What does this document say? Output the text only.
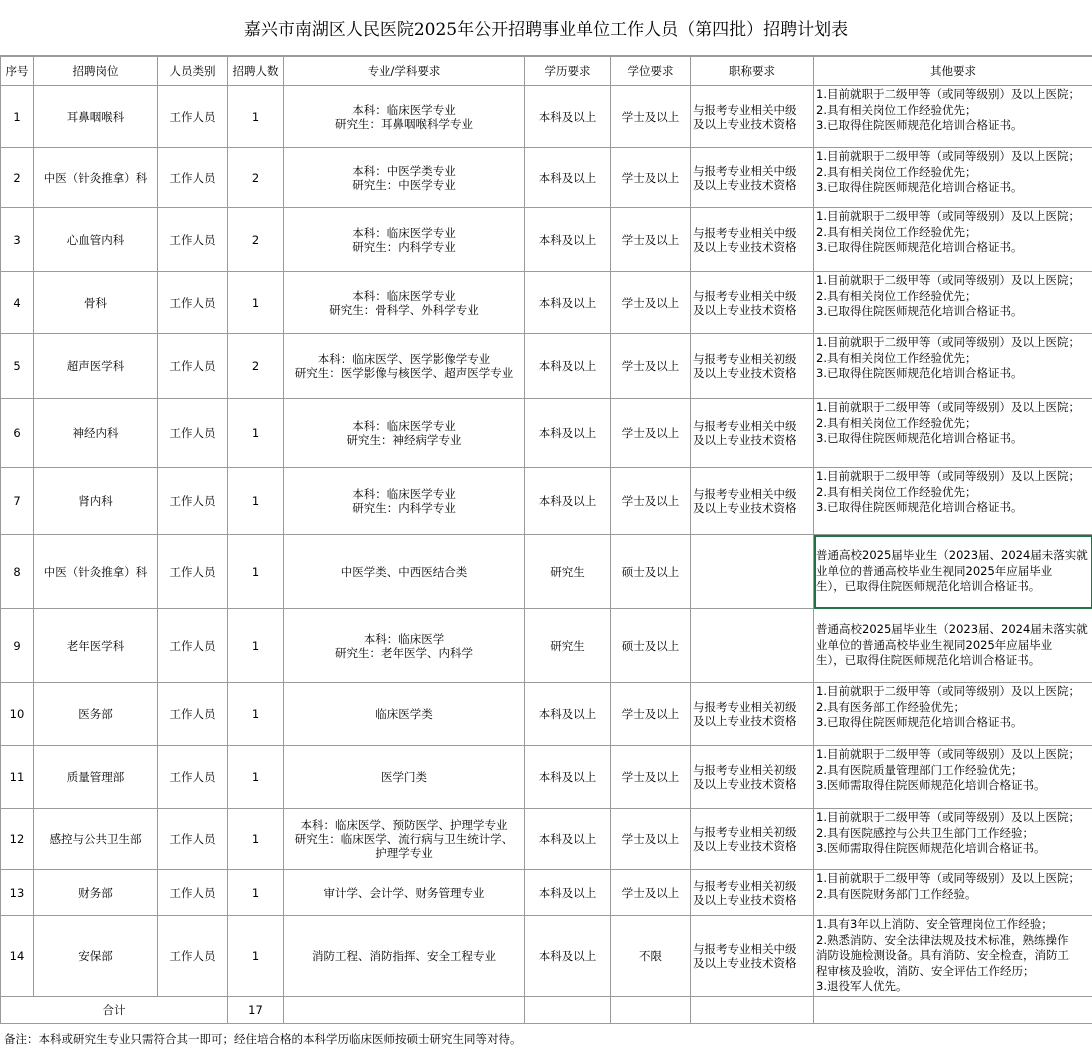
嘉兴市南湖区人民医院2025年公开招聘事业单位工作人员（第四批）招聘计划表
序号	招聘岗位	人员类别	招聘人数	专业/学科要求	学历要求	学位要求	职称要求	其他要求
1	耳鼻咽喉科	工作人员	1	本科：临床医学专业
研究生：耳鼻咽喉科学专业	本科及以上	学士及以上	与报考专业相关中级
及以上专业技术资格	1.目前就职于二级甲等（或同等级别）及以上医院；
2.具有相关岗位工作经验优先；
3.已取得住院医师规范化培训合格证书。

2	中医（针灸推拿）科	工作人员	2	本科：中医学类专业
研究生：中医学专业	本科及以上	学士及以上	与报考专业相关中级
及以上专业技术资格	1.目前就职于二级甲等（或同等级别）及以上医院；
2.具有相关岗位工作经验优先；
3.已取得住院医师规范化培训合格证书。

3	心血管内科	工作人员	2	本科：临床医学专业
研究生：内科学专业	本科及以上	学士及以上	与报考专业相关中级
及以上专业技术资格	1.目前就职于二级甲等（或同等级别）及以上医院；
2.具有相关岗位工作经验优先；
3.已取得住院医师规范化培训合格证书。

4	骨科	工作人员	1	本科：临床医学专业
研究生：骨科学、外科学专业	本科及以上	学士及以上	与报考专业相关中级
及以上专业技术资格	1.目前就职于二级甲等（或同等级别）及以上医院；
2.具有相关岗位工作经验优先；
3.已取得住院医师规范化培训合格证书。

5	超声医学科	工作人员	2	本科：临床医学、医学影像学专业
研究生：医学影像与核医学、超声医学专业	本科及以上	学士及以上	与报考专业相关初级
及以上专业技术资格	1.目前就职于二级甲等（或同等级别）及以上医院；
2.具有相关岗位工作经验优先；
3.已取得住院医师规范化培训合格证书。

6	神经内科	工作人员	1	本科：临床医学专业
研究生：神经病学专业	本科及以上	学士及以上	与报考专业相关中级
及以上专业技术资格	1.目前就职于二级甲等（或同等级别）及以上医院；
2.具有相关岗位工作经验优先；
3.已取得住院医师规范化培训合格证书。

7	肾内科	工作人员	1	本科：临床医学专业
研究生：内科学专业	本科及以上	学士及以上	与报考专业相关中级
及以上专业技术资格	1.目前就职于二级甲等（或同等级别）及以上医院；
2.具有相关岗位工作经验优先；
3.已取得住院医师规范化培训合格证书。

8	中医（针灸推拿）科	工作人员	1	中医学类、中西医结合类	研究生	硕士及以上		普通高校2025届毕业生（2023届、2024届未落实就
业单位的普通高校毕业生视同2025年应届毕业
生），已取得住院医师规范化培训合格证书。

9	老年医学科	工作人员	1	本科：临床医学
研究生：老年医学、内科学	研究生	硕士及以上		普通高校2025届毕业生（2023届、2024届未落实就
业单位的普通高校毕业生视同2025年应届毕业
生），已取得住院医师规范化培训合格证书。

10	医务部	工作人员	1	临床医学类	本科及以上	学士及以上	与报考专业相关初级
及以上专业技术资格	1.目前就职于二级甲等（或同等级别）及以上医院；
2.具有医务部工作经验优先；
3.已取得住院医师规范化培训合格证书。

11	质量管理部	工作人员	1	医学门类	本科及以上	学士及以上	与报考专业相关初级
及以上专业技术资格	1.目前就职于二级甲等（或同等级别）及以上医院；
2.具有医院质量管理部门工作经验优先；
3.医师需取得住院医师规范化培训合格证书。

12	感控与公共卫生部	工作人员	1	本科：临床医学、预防医学、护理学专业
研究生：临床医学、流行病与卫生统计学、
护理学专业	本科及以上	学士及以上	与报考专业相关初级
及以上专业技术资格	1.目前就职于二级甲等（或同等级别）及以上医院；
2.具有医院感控与公共卫生部门工作经验；
3.医师需取得住院医师规范化培训合格证书。

13	财务部	工作人员	1	审计学、会计学、财务管理专业	本科及以上	学士及以上	与报考专业相关初级
及以上专业技术资格	1.目前就职于二级甲等（或同等级别）及以上医院；
2.具有医院财务部门工作经验。

14	安保部	工作人员	1	消防工程、消防指挥、安全工程专业	本科及以上	不限	与报考专业相关中级
及以上专业技术资格	1.具有3年以上消防、安全管理岗位工作经验；
2.熟悉消防、安全法律法规及技术标准，熟练操作
消防设施检测设备。具有消防、安全检查，消防工
程审核及验收，消防、安全评估工作经历；
3.退役军人优先。

合计			17					
备注：本科或研究生专业只需符合其一即可；经住培合格的本科学历临床医师按硕士研究生同等对待。
